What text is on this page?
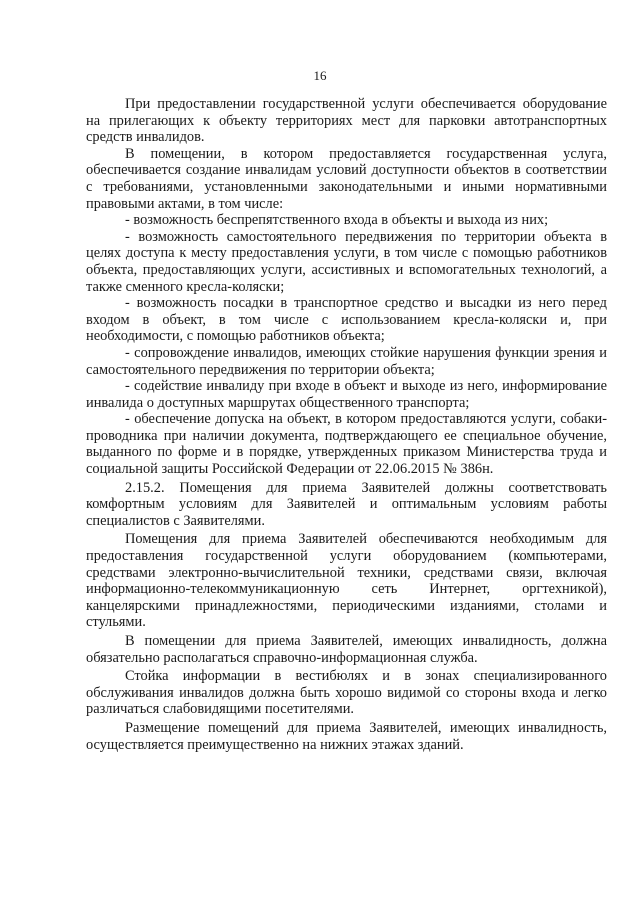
16

При предоставлении государственной услуги обеспечивается оборудование на прилегающих к объекту территориях мест для парковки автотранспортных средств инвалидов.

В помещении, в котором предоставляется государственная услуга, обеспечивается создание инвалидам условий доступности объектов в соответствии с требованиями, установленными законодательными и иными нормативными правовыми актами, в том числе:

- возможность беспрепятственного входа в объекты и выхода из них;

- возможность самостоятельного передвижения по территории объекта в целях доступа к месту предоставления услуги, в том числе с помощью работников объекта, предоставляющих услуги, ассистивных и вспомогательных технологий, а также сменного кресла-коляски;

- возможность посадки в транспортное средство и высадки из него перед входом в объект, в том числе с использованием кресла-коляски и, при необходимости, с помощью работников объекта;

- сопровождение инвалидов, имеющих стойкие нарушения функции зрения и самостоятельного передвижения по территории объекта;

- содействие инвалиду при входе в объект и выходе из него, информирование инвалида о доступных маршрутах общественного транспорта;

- обеспечение допуска на объект, в котором предоставляются услуги, собаки-проводника при наличии документа, подтверждающего ее специальное обучение, выданного по форме и в порядке, утвержденных приказом Министерства труда и социальной защиты Российской Федерации от 22.06.2015 № 386н.

2.15.2. Помещения для приема Заявителей должны соответствовать комфортным условиям для Заявителей и оптимальным условиям работы специалистов с Заявителями.

Помещения для приема Заявителей обеспечиваются необходимым для предоставления государственной услуги оборудованием (компьютерами, средствами электронно-вычислительной техники, средствами связи, включая информационно-телекоммуникационную сеть Интернет, оргтехникой), канцелярскими принадлежностями, периодическими изданиями, столами и стульями.

В помещении для приема Заявителей, имеющих инвалидность, должна обязательно располагаться справочно-информационная служба.

Стойка информации в вестибюлях и в зонах специализированного обслуживания инвалидов должна быть хорошо видимой со стороны входа и легко различаться слабовидящими посетителями.

Размещение помещений для приема Заявителей, имеющих инвалидность, осуществляется преимущественно на нижних этажах зданий.
